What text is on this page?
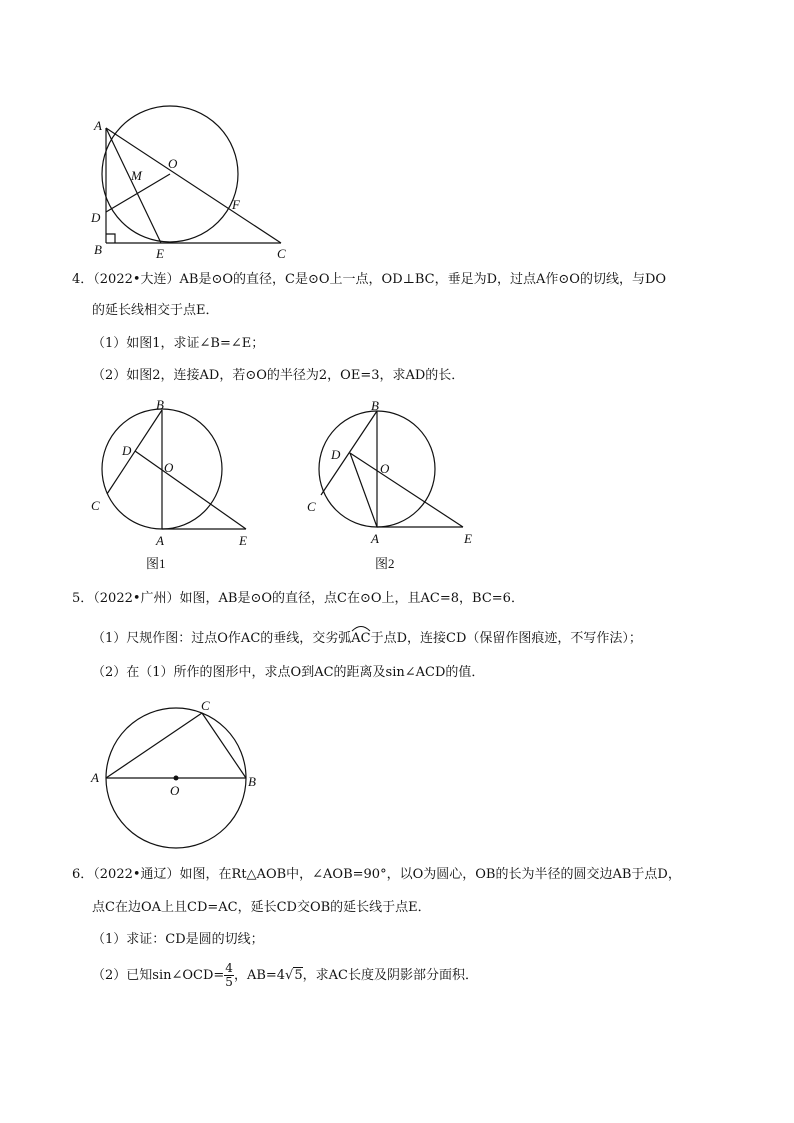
A
O
M
D
F
B	E	C
4．（2022•大连）AB是⊙O的直径，C是⊙O上一点，OD⊥BC，垂足为D，过点A作⊙O的切线，与DO
的延长线相交于点E．
（1）如图1，求证∠B=∠E；
（2）如图2，连接AD，若⊙O的半径为2，OE=3，求AD的长．
B
D
O
C
A	E
图1
B
D
O
C
A	E
图2
5．（2022•广州）如图，AB是⊙O的直径，点C在⊙O上，且AC=8，BC=6．
（1）尺规作图：过点O作AC的垂线，交劣弧
AC于点D，连接CD（保留作图痕迹，不写作法）；
（2）在（1）所作的图形中，求点O到AC的距离及sin∠ACD的值．
A	B
C
O
6．（2022•通辽）如图，在Rt△AOB中，∠AOB=90°，以O为圆心，OB的长为半径的圆交边AB于点D，
点C在边OA上且CD=AC，延长CD交OB的延长线于点E．
（1）求证：CD是圆的切线；
（2）已知sin∠OCD= $\frac{4}{5}$ ，AB=4√5，求AC长度及阴影部分面积．
